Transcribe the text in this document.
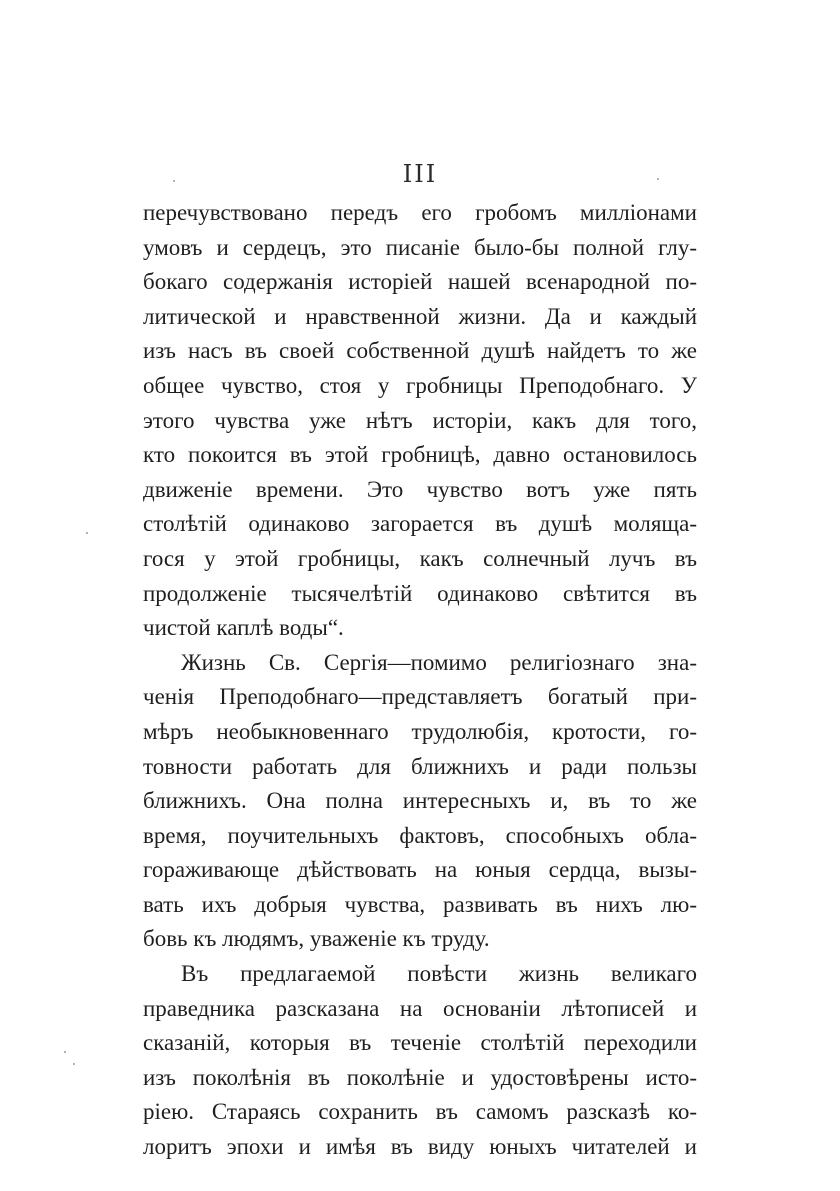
III
перечувствовано передъ его гробомъ милліонами
умовъ и сердецъ, это писаніе было-бы полной глу-
бокаго содержанія исторіей нашей всенародной по-
литической и нравственной жизни. Да и каждый
изъ насъ въ своей собственной душѣ найдетъ то же
общее чувство, стоя у гробницы Преподобнаго. У
этого чувства уже нѣтъ исторіи, какъ для того,
кто покоится въ этой гробницѣ, давно остановилось
движеніе времени. Это чувство вотъ уже пять
столѣтій одинаково загорается въ душѣ молящa-
гося у этой гробницы, какъ солнечный лучъ въ
продолженіе тысячелѣтій одинаково свѣтится въ
чистой каплѣ воды“.
Жизнь Св. Сергія—помимо религіознаго зна-
ченія Преподобнаго—представляетъ богатый при-
мѣръ необыкновеннаго трудолюбія, кротости, го-
товности работать для ближнихъ и ради пользы
ближнихъ. Она полна интересныхъ и, въ то же
время, поучительныхъ фактовъ, способныхъ обла-
гораживающе дѣйствовать на юныя сердца, вызы-
вать ихъ добрыя чувства, развивать въ нихъ лю-
бовь къ людямъ, уваженіе къ труду.
Въ предлагаемой повѣсти жизнь великаго
праведника разсказана на основаніи лѣтописей и
сказаній, которыя въ теченіе столѣтій переходили
изъ поколѣнія въ поколѣніе и удостовѣрены исто-
ріею. Стараясь сохранить въ самомъ разсказѣ ко-
лоритъ эпохи и имѣя въ виду юныхъ читателей и
